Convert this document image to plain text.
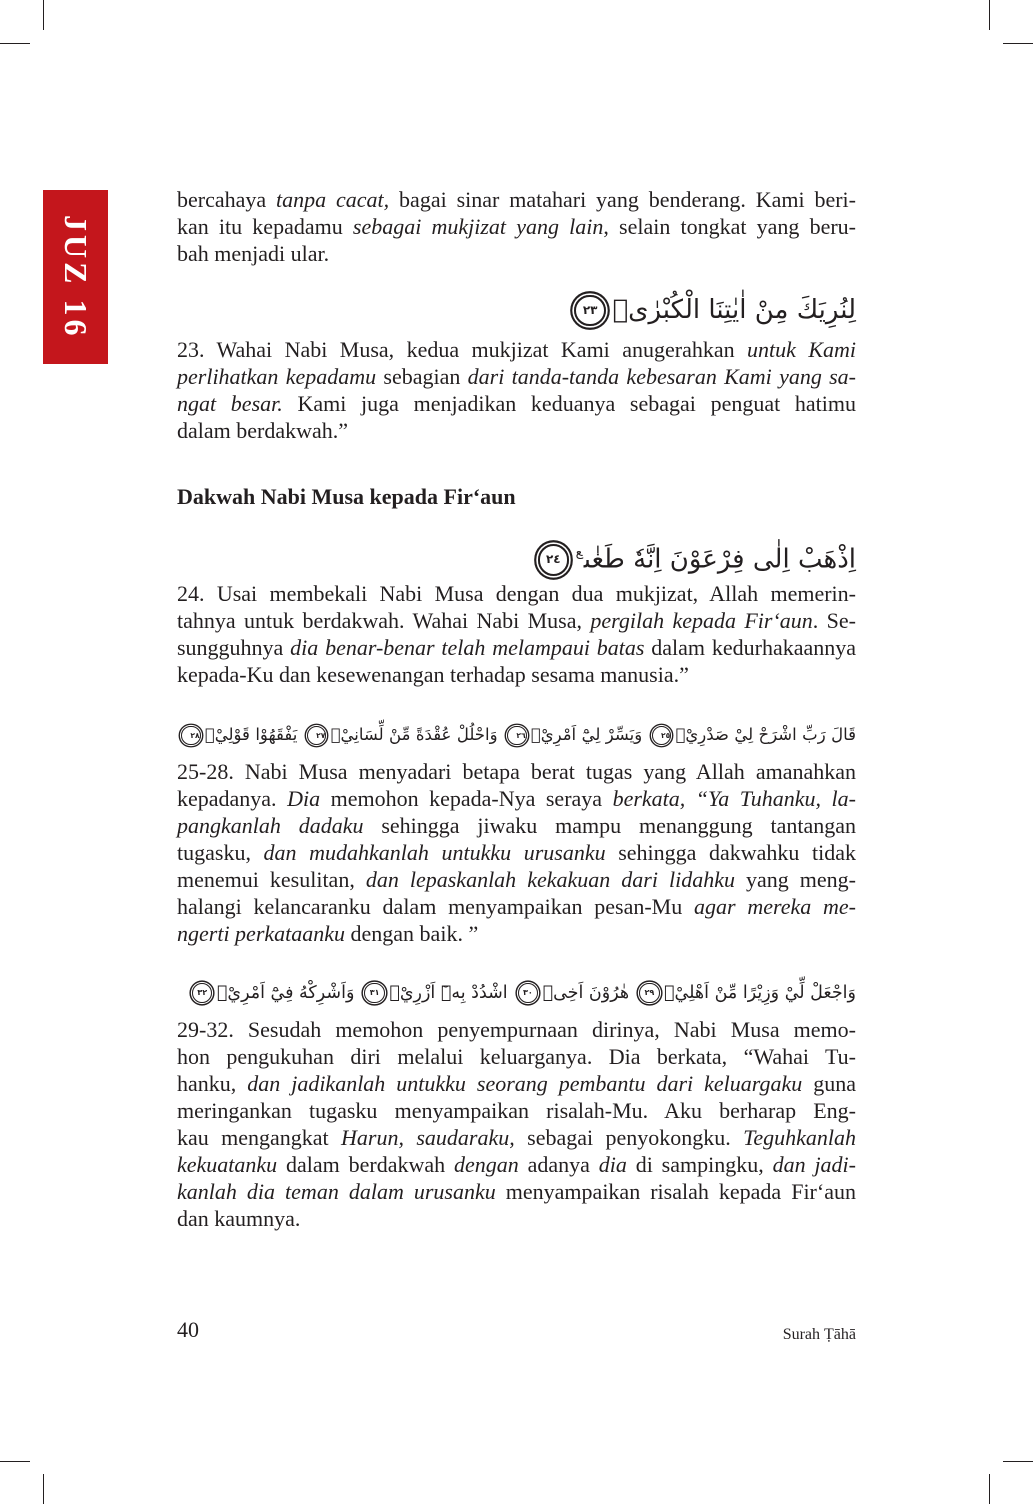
JUZ 16
bercahaya tanpa cacat, bagai sinar matahari yang benderang. Kami beri-
kan itu kepadamu sebagai mukjizat yang lain, selain tongkat yang beru-
bah menjadi ular.
لِنُرِيَكَ مِنْ اٰيٰتِنَا الْكُبْرٰىۚ٢٣
23. Wahai Nabi Musa, kedua mukjizat Kami anugerahkan untuk Kami
perlihatkan kepadamu sebagian dari tanda-tanda kebesaran Kami yang sa-
ngat besar. Kami juga menjadikan keduanya sebagai penguat hatimu
dalam berdakwah.”
Dakwah Nabi Musa kepada Fir‘aun
اِذْهَبْ اِلٰى فِرْعَوْنَ اِنَّهٗ طَغٰى$^ع$٢٤
24. Usai membekali Nabi Musa dengan dua mukjizat, Allah memerin-
tahnya untuk berdakwah. Wahai Nabi Musa, pergilah kepada Fir‘aun. Se-
sungguhnya dia benar-benar telah melampaui batas dalam kedurhakaannya
kepada-Ku dan kesewenangan terhadap sesama manusia.”
قَالَ رَبِّ اشْرَحْ لِيْ صَدْرِيْۙ٢٥ وَيَسِّرْ لِيْٓ اَمْرِيْۙ٢٦ وَاحْلُلْ عُقْدَةً مِّنْ لِّسَانِيْۙ٢٧ يَفْقَهُوْا قَوْلِيْۖ٢٨
25-28. Nabi Musa menyadari betapa berat tugas yang Allah amanahkan
kepadanya. Dia memohon kepada-Nya seraya berkata, “Ya Tuhanku, la-
pangkanlah dadaku sehingga jiwaku mampu menanggung tantangan
tugasku, dan mudahkanlah untukku urusanku sehingga dakwahku tidak
menemui kesulitan, dan lepaskanlah kekakuan dari lidahku yang meng-
halangi kelancaranku dalam menyampaikan pesan-Mu agar mereka me-
ngerti perkataanku dengan baik. ”
وَاجْعَلْ لِّيْ وَزِيْرًا مِّنْ اَهْلِيْۙ٢٩ هٰرُوْنَ اَخِىۙ٣٠ اشْدُدْ بِهٖٓ اَزْرِيْۙ٣١ وَاَشْرِكْهُ فِيْٓ اَمْرِيْۙ٣٢
29-32. Sesudah memohon penyempurnaan dirinya, Nabi Musa memo-
hon pengukuhan diri melalui keluarganya. Dia berkata, “Wahai Tu-
hanku, dan jadikanlah untukku seorang pembantu dari keluargaku guna
meringankan tugasku menyampaikan risalah-Mu. Aku berharap Eng-
kau mengangkat Harun, saudaraku, sebagai penyokongku. Teguhkanlah
kekuatanku dalam berdakwah dengan adanya dia di sampingku, dan jadi-
kanlah dia teman dalam urusanku menyampaikan risalah kepada Fir‘aun
dan kaumnya.
40	Surah Ṭāhā
